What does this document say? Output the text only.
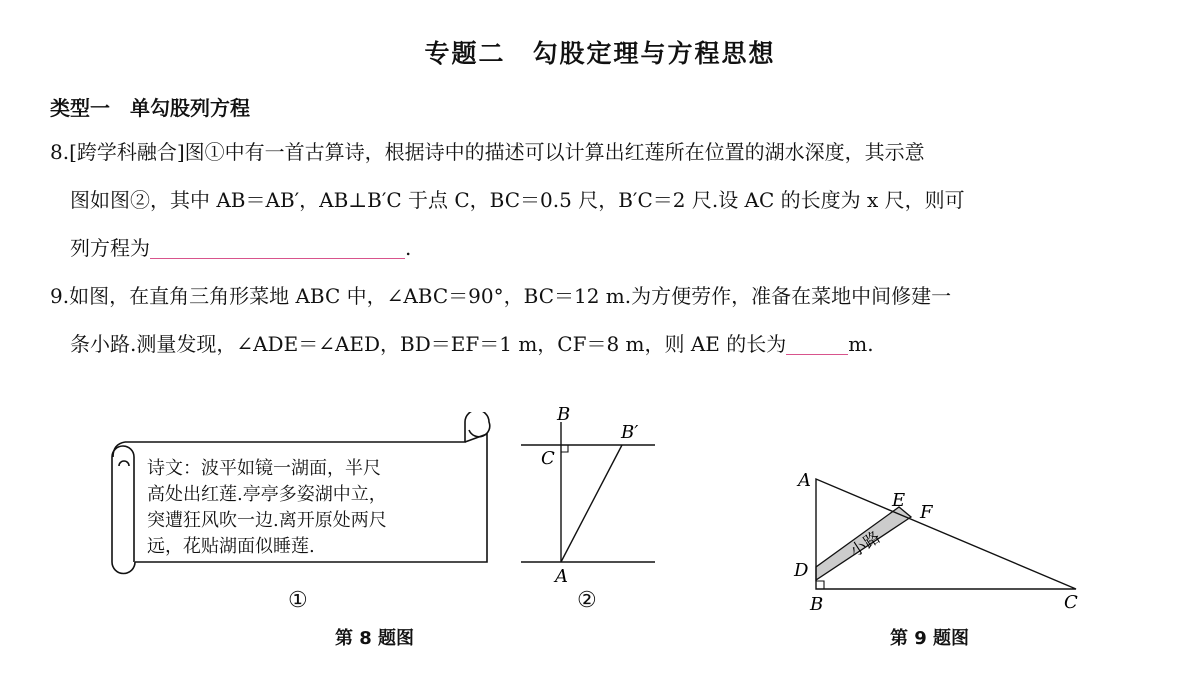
专题二　勾股定理与方程思想
类型一　单勾股列方程
8.[跨学科融合]图①中有一首古算诗，根据诗中的描述可以计算出红莲所在位置的湖水深度，其示意
图如图②，其中 AB＝AB′，AB⊥B′C 于点 C，BC＝0.5 尺，B′C＝2 尺.设 AC 的长度为 x 尺，则可
列方程为	.
9.如图，在直角三角形菜地 ABC 中，∠ABC＝90°，BC＝12 m.为方便劳作，准备在菜地中间修建一
条小路.测量发现，∠ADE＝∠AED，BD＝EF＝1 m，CF＝8 m，则 AE 的长为	m.
诗文：波平如镜一湖面，半尺
高处出红莲.亭亭多姿湖中立，
突遭狂风吹一边.离开原处两尺
远，花贴湖面似睡莲.
①
B
B′
C
A
②
第 8 题图
A
E
F
D
B	C
小路
第 9 题图
